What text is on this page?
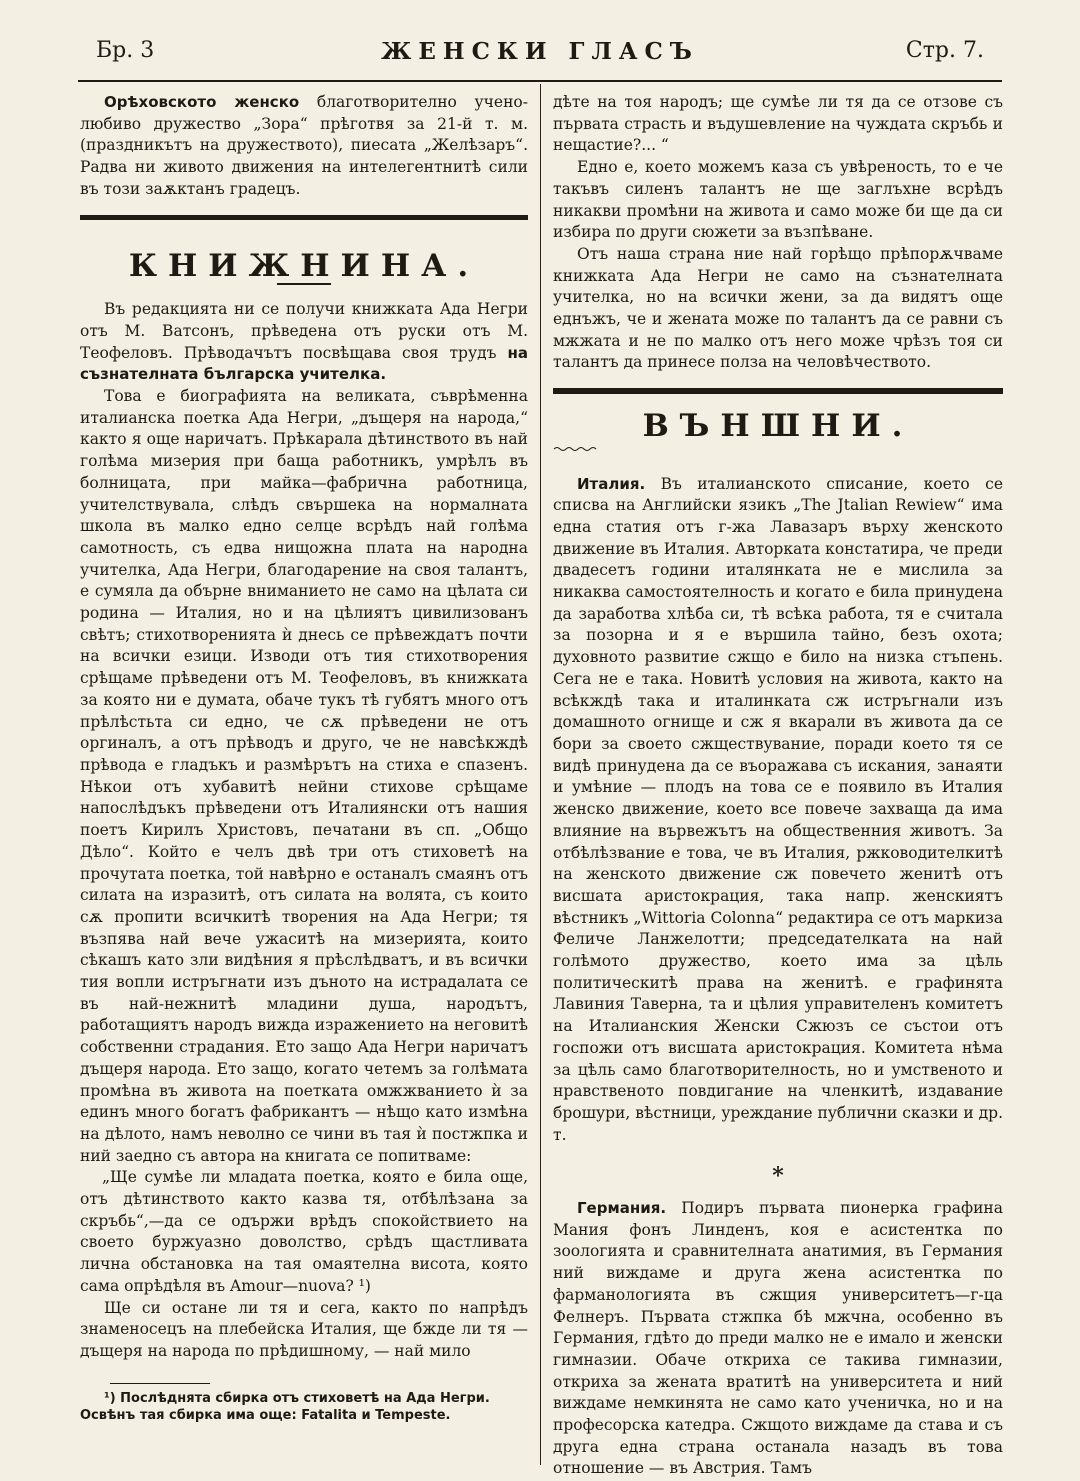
Бр. 3	ЖЕНСКИ ГЛАСЪ	Стр. 7.

Орѣховското женско благотворително учено-любиво дружество „Зора“ прѣготвя за 21-й т. м. (праздникътъ на дружеството), пиесата „Желѣзаръ“. Радва ни живото движения на интелегентнитѣ сили въ този заѫктанъ градецъ.

КНИЖНИНА.

Въ редакцията ни се получи книжката Ада Негри отъ М. Ватсонъ, прѣведена отъ руски отъ М. Теофеловъ. Прѣводачътъ посвѣщава своя трудъ на съзнателната българска учителка.

Това е биографията на великата, съврѣменна италианска поетка Ада Негри, „дъщеря на народа,“ както я още наричатъ. Прѣкарала дѣтинството въ най голѣма мизерия при баща работникъ, умрѣлъ въ болницата, при майка—фабрична работница, учителствувала, слѣдъ свършека на нормалната школа въ малко едно селце всрѣдъ най голѣма самотность, съ едва нищожна плата на народна учителка, Ада Негри, благодарение на своя талантъ, е сумяла да обърне вниманието не само на цѣлата си родина — Италия, но и на цѣлиятъ цивилизованъ свѣтъ; стихотворенията ѝ днесь се прѣвеждатъ почти на всички езици. Изводи отъ тия стихотворения срѣщаме прѣведени отъ М. Теофеловъ, въ книжката за която ни е думата, обаче тукъ тѣ губятъ много отъ прѣлѣстьта си едно, че сѫ прѣведени не отъ оргиналъ, а отъ прѣводъ и друго, че не навсѣкждѣ прѣвода е гладъкъ и размѣрътъ на стиха е спазенъ. Нѣкои отъ хубавитѣ нейни стихове срѣщаме напослѣдъкъ прѣведени отъ Италиянски отъ нашия поетъ Кирилъ Христовъ, печатани въ сп. „Общо Дѣло“. Който е челъ двѣ три отъ стиховетѣ на прочутата поетка, той навѣрно е останалъ смаянъ отъ силата на изразитѣ, отъ силата на волята, съ които сѫ пропити всичкитѣ творения на Ада Негри; тя възпява най вече ужаситѣ на мизерията, които сѣкашъ като зли видѣния я прѣслѣдватъ, и въ всички тия вопли истръгнати изъ дъното на истрадалата се въ най-нежнитѣ младини душа, народътъ, работащиятъ народъ вижда изражението на неговитѣ собственни страдания. Ето защо Ада Негри наричатъ дъщеря народа. Ето защо, когато четемъ за голѣмата промѣна въ живота на поетката омжжванието ѝ за единъ много богатъ фабрикантъ — нѣщо като измѣна на дѣлото, намъ неволно се чини въ тая ѝ постжпка и ний заедно съ автора на книгата се попитваме:

„Ще сумѣе ли младата поетка, която е била още, отъ дѣтинството както казва тя, отбѣлѣзана за скръбь“,—да се одържи врѣдъ спокойствието на своето буржуазно доволство, срѣдъ щастливата лична обстановка на тая омаятелна висота, която сама опрѣдѣля въ Amour—nuova? ¹)

Ще си остане ли тя и сега, както по напрѣдъ знаменосецъ на плебейска Италия, ще бжде ли тя — дъщеря на народа по прѣдишному, — най мило

¹) Послѣднята сбирка отъ стиховетѣ на Ада Негри.

Освѣнъ тая сбирка има още: Fatalita и Tempeste.

дѣте на тоя народъ; ще сумѣе ли тя да се отзове съ първата страсть и въдушевление на чуждата скръбь и нещастие?... “

Едно е, което можемъ каза съ увѣреность, то е че такъвъ силенъ талантъ не ще заглъхне всрѣдъ никакви промѣни на живота и само може би ще да си избира по други сюжети за възпѣване.

Отъ наша страна ние най горѣщо прѣпорѫчваме книжката Ада Негри не само на съзнателната учителка, но на всички жени, за да видятъ още еднъжъ, че и жената може по талантъ да се равни съ мжжата и не по малко отъ него може чрѣзъ тоя си талантъ да принесе полза на человѣчеството.

ВЪНШНИ.

Италия. Въ италианското списание, което се списва на Английски язикъ „The Jtalian Rewiew“ има една статия отъ г-жа Лавазаръ върху женското движение въ Италия. Авторката констатира, че преди двадесетъ години италянката не е мислила за никаква самостоятелность и когато е била принудена да заработва хлѣба си, тѣ всѣка работа, тя е считала за позорна и я е вършила тайно, безъ охота; духовното развитие сжщо е било на низка стъпень. Сега не е така. Новитѣ условия на живота, както на всѣкждѣ така и италинката сж истръгнали изъ домашното огнище и сж я вкарали въ живота да се бори за своето сжществувание, поради което тя се видѣ принудена да се въоражава съ искания, занаяти и умѣние — плодъ на това се е появило въ Италия женско движение, което все повече захваща да има влияние на вървежътъ на общественния животъ. За отбѣлѣзвание е това, че въ Италия, ржководителкитѣ на женското движение сж повечето женитѣ отъ висшата аристокрация, така напр. женскиятъ вѣстникъ „Wittoria Colonna“ редактира се отъ маркиза Феличе Ланжелотти; председателката на най голѣмото дружество, което има за цѣль политическитѣ права на женитѣ. е графинята Лавиния Таверна, та и цѣлия управителенъ комитетъ на Италианския Женски Сжюзъ се състои отъ госпожи отъ висшата аристокрация. Комитета нѣма за цѣль само благотворителность, но и умственото и нравственото повдигание на членкитѣ, издавание брошури, вѣстници, уреждание публични сказки и др. т.

*

Германия. Подиръ първата пионерка графина Мания фонъ Линденъ, коя е асистентка по зоологията и сравнителната анатимия, въ Германия ний виждаме и друга жена асистентка по фарманологията въ сжщия университетъ—г-ца Фелнеръ. Първата стжпка бѣ мжчна, особенно въ Германия, гдѣто до преди малко не е имало и женски гимназии. Обаче откриха се такива гимназии, откриха за жената вратитѣ на университета и ний виждаме немкинята не само като ученичка, но и на професорска катедра. Сжщото виждаме да става и съ друга една страна останала назадъ въ това отношение — въ Австрия. Тамъ
